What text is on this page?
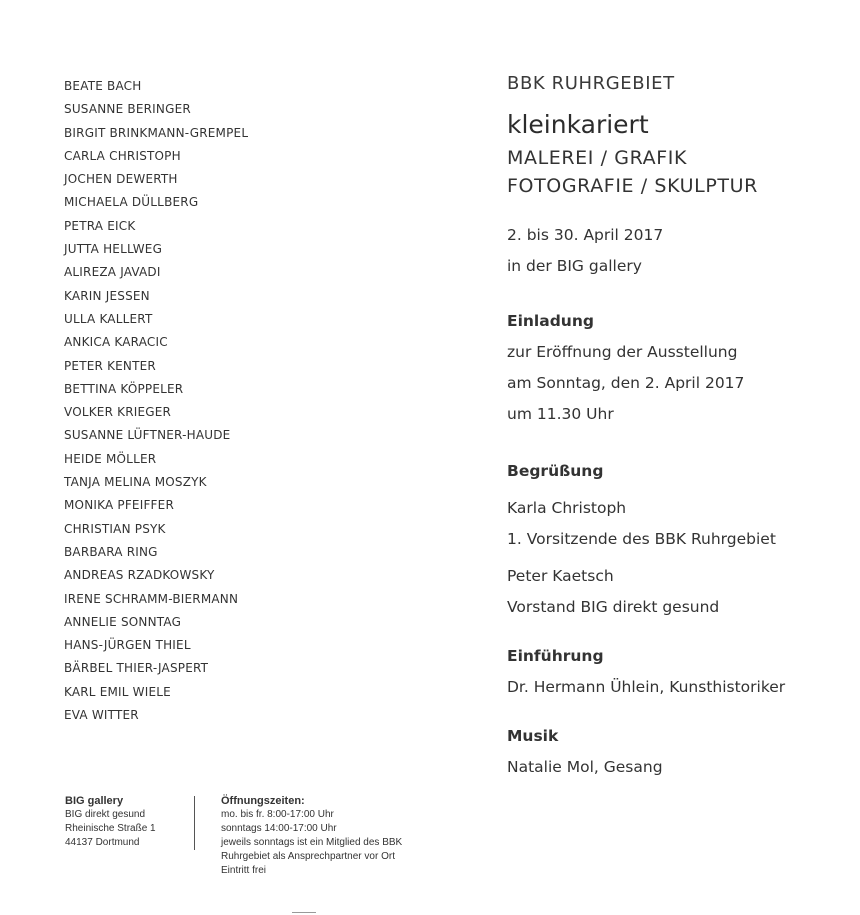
BEATE BACH
SUSANNE BERINGER
BIRGIT BRINKMANN-GREMPEL
CARLA CHRISTOPH
JOCHEN DEWERTH
MICHAELA DÜLLBERG
PETRA EICK
JUTTA HELLWEG
ALIREZA JAVADI
KARIN JESSEN
ULLA KALLERT
ANKICA KARACIC
PETER KENTER
BETTINA KÖPPELER
VOLKER KRIEGER
SUSANNE LÜFTNER-HAUDE
HEIDE MÖLLER
TANJA MELINA MOSZYK
MONIKA PFEIFFER
CHRISTIAN PSYK
BARBARA RING
ANDREAS RZADKOWSKY
IRENE SCHRAMM-BIERMANN
ANNELIE SONNTAG
HANS-JÜRGEN THIEL
BÄRBEL THIER-JASPERT
KARL EMIL WIELE
EVA WITTER
BBK RUHRGEBIET
kleinkariert
MALEREI / GRAFIK
FOTOGRAFIE / SKULPTUR
2. bis 30. April 2017
in der BIG gallery
Einladung
zur Eröffnung der Ausstellung
am Sonntag, den 2. April 2017
um 11.30 Uhr
Begrüßung
Karla Christoph
1. Vorsitzende des BBK Ruhrgebiet
Peter Kaetsch
Vorstand BIG direkt gesund
Einführung
Dr. Hermann Ühlein, Kunsthistoriker
Musik
Natalie Mol, Gesang
BIG gallery
BIG direkt gesund
Rheinische Straße 1
44137 Dortmund
Öffnungszeiten:
mo. bis fr. 8:00-17:00 Uhr
sonntags 14:00-17:00 Uhr
jeweils sonntags ist ein Mitglied des BBK
Ruhrgebiet als Ansprechpartner vor Ort
Eintritt frei
